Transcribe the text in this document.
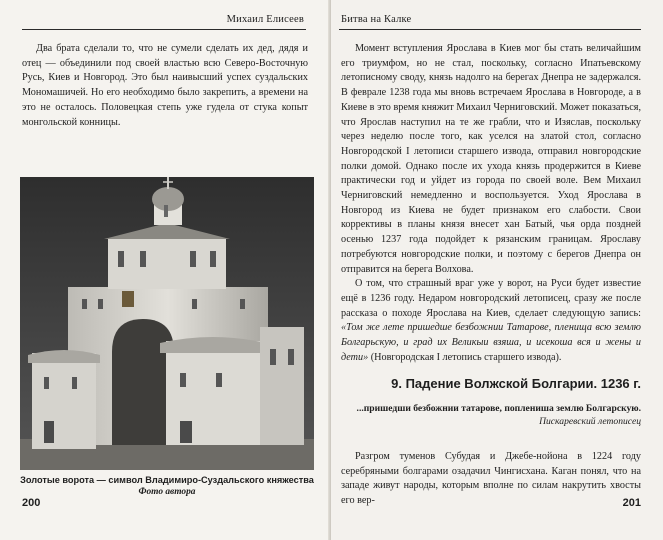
Михаил Елисеев

Два брата сделали то, что не сумели сделать их дед, дядя и отец — объединили под своей властью всю Северо-Восточную Русь, Киев и Новгород. Это был наивысший успех суздальских Мономашичей. Но его необходимо было закрепить, а времени на это не осталось. Половецкая степь уже гудела от стука копыт монгольской конницы.

Золотые ворота — символ Владимиро-Суздальского княжества
Фото автора
200
Битва на Калке

Момент вступления Ярослава в Киев мог бы стать величайшим его триумфом, но не стал, поскольку, согласно Ипатьевскому летописному своду, князь надолго на берегах Днепра не задержался. В феврале 1238 года мы вновь встречаем Ярослава в Новгороде, а в Киеве в это время княжит Михаил Черниговский. Может показаться, что Ярослав наступил на те же грабли, что и Изяслав, поскольку через неделю после того, как уселся на златой стол, согласно Новгородской I летописи старшего извода, отправил новгородские полки домой. Однако после их ухода князь продержится в Киеве практически год и уйдет из города по своей воле. Вем Михаил Черниговский немедленно и воспользуется. Уход Ярослава в Новгород из Киева не будет признаком его слабости. Свои коррективы в планы князя внесет хан Батый, чья орда поздней осенью 1237 года подойдет к рязанским границам. Ярославу потребуются новгородские полки, и поэтому с берегов Днепра он отправится на берега Волхова.

О том, что страшный враг уже у ворот, на Руси будет известие ещё в 1236 году. Недаром новгородский летописец, сразу же после рассказа о походе Ярослава на Киев, сделает следующую запись: «Том же лете пришедше безбожнии Татарове, пленища всю землю Болгарьскую, и град их Великыи взяша, и исекоша вся и жены и дети» (Новгородская I летопись старшего извода).

9. Падение Волжской Болгарии. 1236 г.
...пришедши безбожнии татарове, поплениша землю Болгарскую.
Пискаревский летописец

Разгром туменов Субудая и Джебе-нойона в 1224 году серебряными болгарами озадачил Чингисхана. Каган понял, что на западе живут народы, которым вполне по силам накрутить хвосты его вер-	201
